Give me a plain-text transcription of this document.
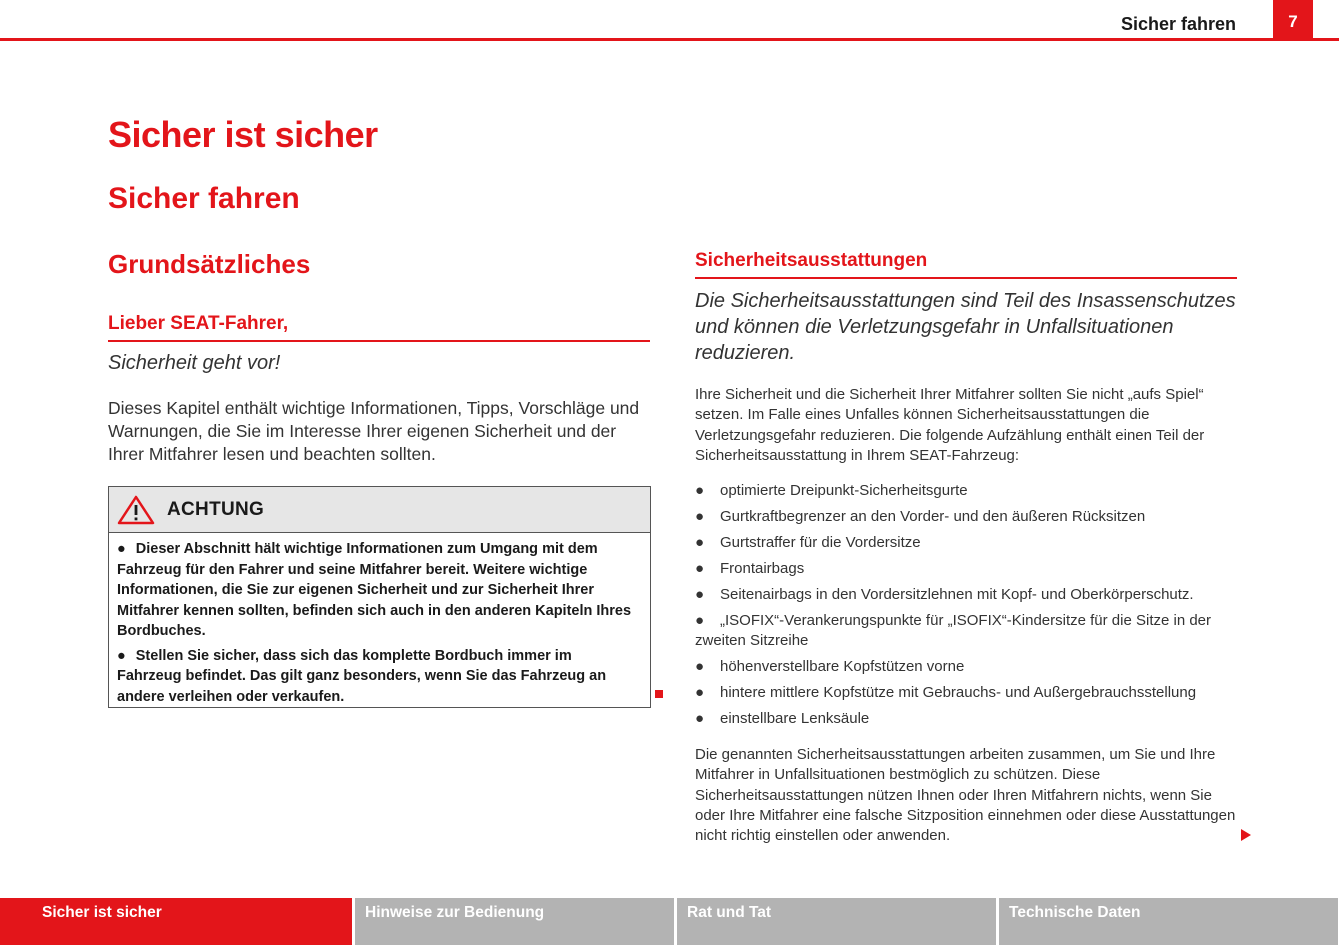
Sicher fahren	7
Sicher ist sicher
Sicher fahren
Grundsätzliches
Lieber SEAT-Fahrer,
Sicherheit geht vor!
Dieses Kapitel enthält wichtige Informationen, Tipps, Vorschläge und Warnungen, die Sie im Interesse Ihrer eigenen Sicherheit und der Ihrer Mitfahrer lesen und beachten sollten.
ACHTUNG

● Dieser Abschnitt hält wichtige Informationen zum Umgang mit dem Fahrzeug für den Fahrer und seine Mitfahrer bereit. Weitere wichtige Informationen, die Sie zur eigenen Sicherheit und zur Sicherheit Ihrer Mitfahrer kennen sollten, befinden sich auch in den anderen Kapiteln Ihres Bordbuches.

● Stellen Sie sicher, dass sich das komplette Bordbuch immer im Fahrzeug befindet. Das gilt ganz besonders, wenn Sie das Fahrzeug an andere verleihen oder verkaufen.

Sicherheitsausstattungen
Die Sicherheitsausstattungen sind Teil des Insassenschutzes und können die Verletzungsgefahr in Unfallsituationen reduzieren.
Ihre Sicherheit und die Sicherheit Ihrer Mitfahrer sollten Sie nicht „aufs Spiel“ setzen. Im Falle eines Unfalles können Sicherheitsausstattungen die Verletzungsgefahr reduzieren. Die folgende Aufzählung enthält einen Teil der Sicherheitsausstattung in Ihrem SEAT-Fahrzeug:
● optimierte Dreipunkt-Sicherheitsgurte
● Gurtkraftbegrenzer an den Vorder- und den äußeren Rücksitzen
● Gurtstraffer für die Vordersitze
● Frontairbags
● Seitenairbags in den Vordersitzlehnen mit Kopf- und Oberkörperschutz.
● „ISOFIX“-Verankerungspunkte für „ISOFIX“-Kindersitze für die Sitze in der zweiten Sitzreihe
● höhenverstellbare Kopfstützen vorne
● hintere mittlere Kopfstütze mit Gebrauchs- und Außergebrauchsstellung
● einstellbare Lenksäule
Die genannten Sicherheitsausstattungen arbeiten zusammen, um Sie und Ihre Mitfahrer in Unfallsituationen bestmöglich zu schützen. Diese Sicherheitsausstattungen nützen Ihnen oder Ihren Mitfahrern nichts, wenn Sie oder Ihre Mitfahrer eine falsche Sitzposition einnehmen oder diese Ausstattungen nicht richtig einstellen oder anwenden.
Sicher ist sicher	Hinweise zur Bedienung	Rat und Tat	Technische Daten
